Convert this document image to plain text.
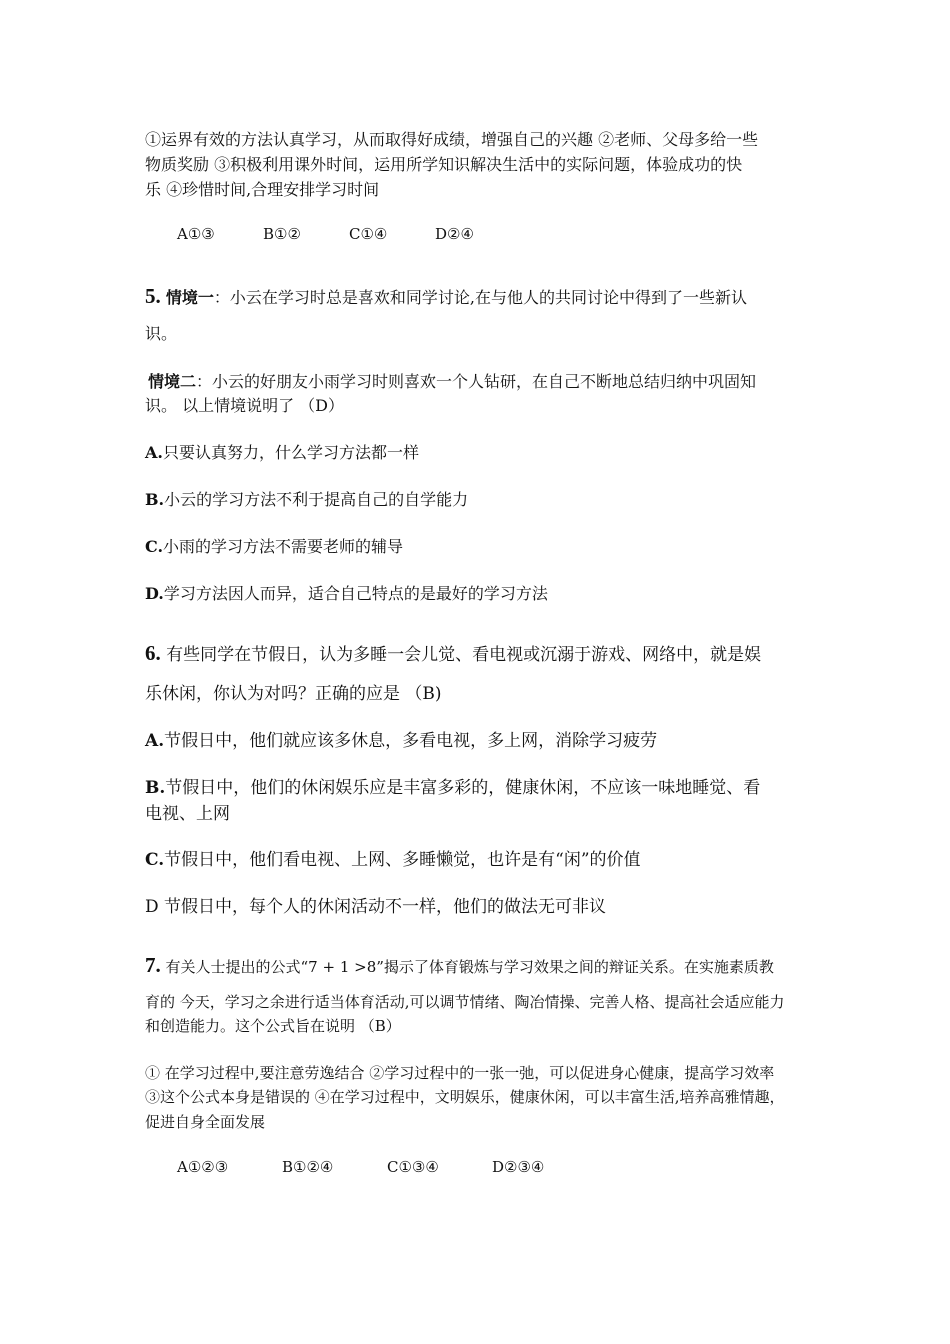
①运界有效的方法认真学习，从而取得好成绩，增强自己的兴趣 ②老师、父母多给一些
物质奖励 ③积极利用课外时间，运用所学知识解决生活中的实际问题，体验成功的快
乐 ④珍惜时间,合理安排学习时间
A①③	B①②	C①④	D②④
5. 情境一：小云在学习时总是喜欢和同学讨论,在与他人的共同讨论中得到了一些新认
识。
情境二：小云的好朋友小雨学习时则喜欢一个人钻研，在自己不断地总结归纳中巩固知
识。 以上情境说明了 （D）
A.只要认真努力，什么学习方法都一样
B.小云的学习方法不利于提高自己的自学能力
C.小雨的学习方法不需要老师的辅导
D.学习方法因人而异，适合自己特点的是最好的学习方法
6. 有些同学在节假日，认为多睡一会儿觉、看电视或沉溺于游戏、网络中，就是娱
乐休闲，你认为对吗？正确的应是 （B)
A.节假日中，他们就应该多休息，多看电视，多上网，消除学习疲劳
B.节假日中，他们的休闲娱乐应是丰富多彩的，健康休闲，不应该一味地睡觉、看
电视、上网
C.节假日中，他们看电视、上网、多睡懒觉，也许是有“闲”的价值
D 节假日中，每个人的休闲活动不一样，他们的做法无可非议
7. 有关人士提出的公式“7 + 1 >8”揭示了体育锻炼与学习效果之间的辩证关系。在实施素质教
育的 今天，学习之余进行适当体育活动,可以调节情绪、陶冶情操、完善人格、提高社会适应能力
和创造能力。这个公式旨在说明 （B）
① 在学习过程中,要注意劳逸结合 ②学习过程中的一张一弛，可以促进身心健康，提高学习效率
③这个公式本身是错误的 ④在学习过程中，文明娱乐，健康休闲，可以丰富生活,培养高雅情趣，
促进自身全面发展
A①②③	B①②④	C①③④	D②③④
